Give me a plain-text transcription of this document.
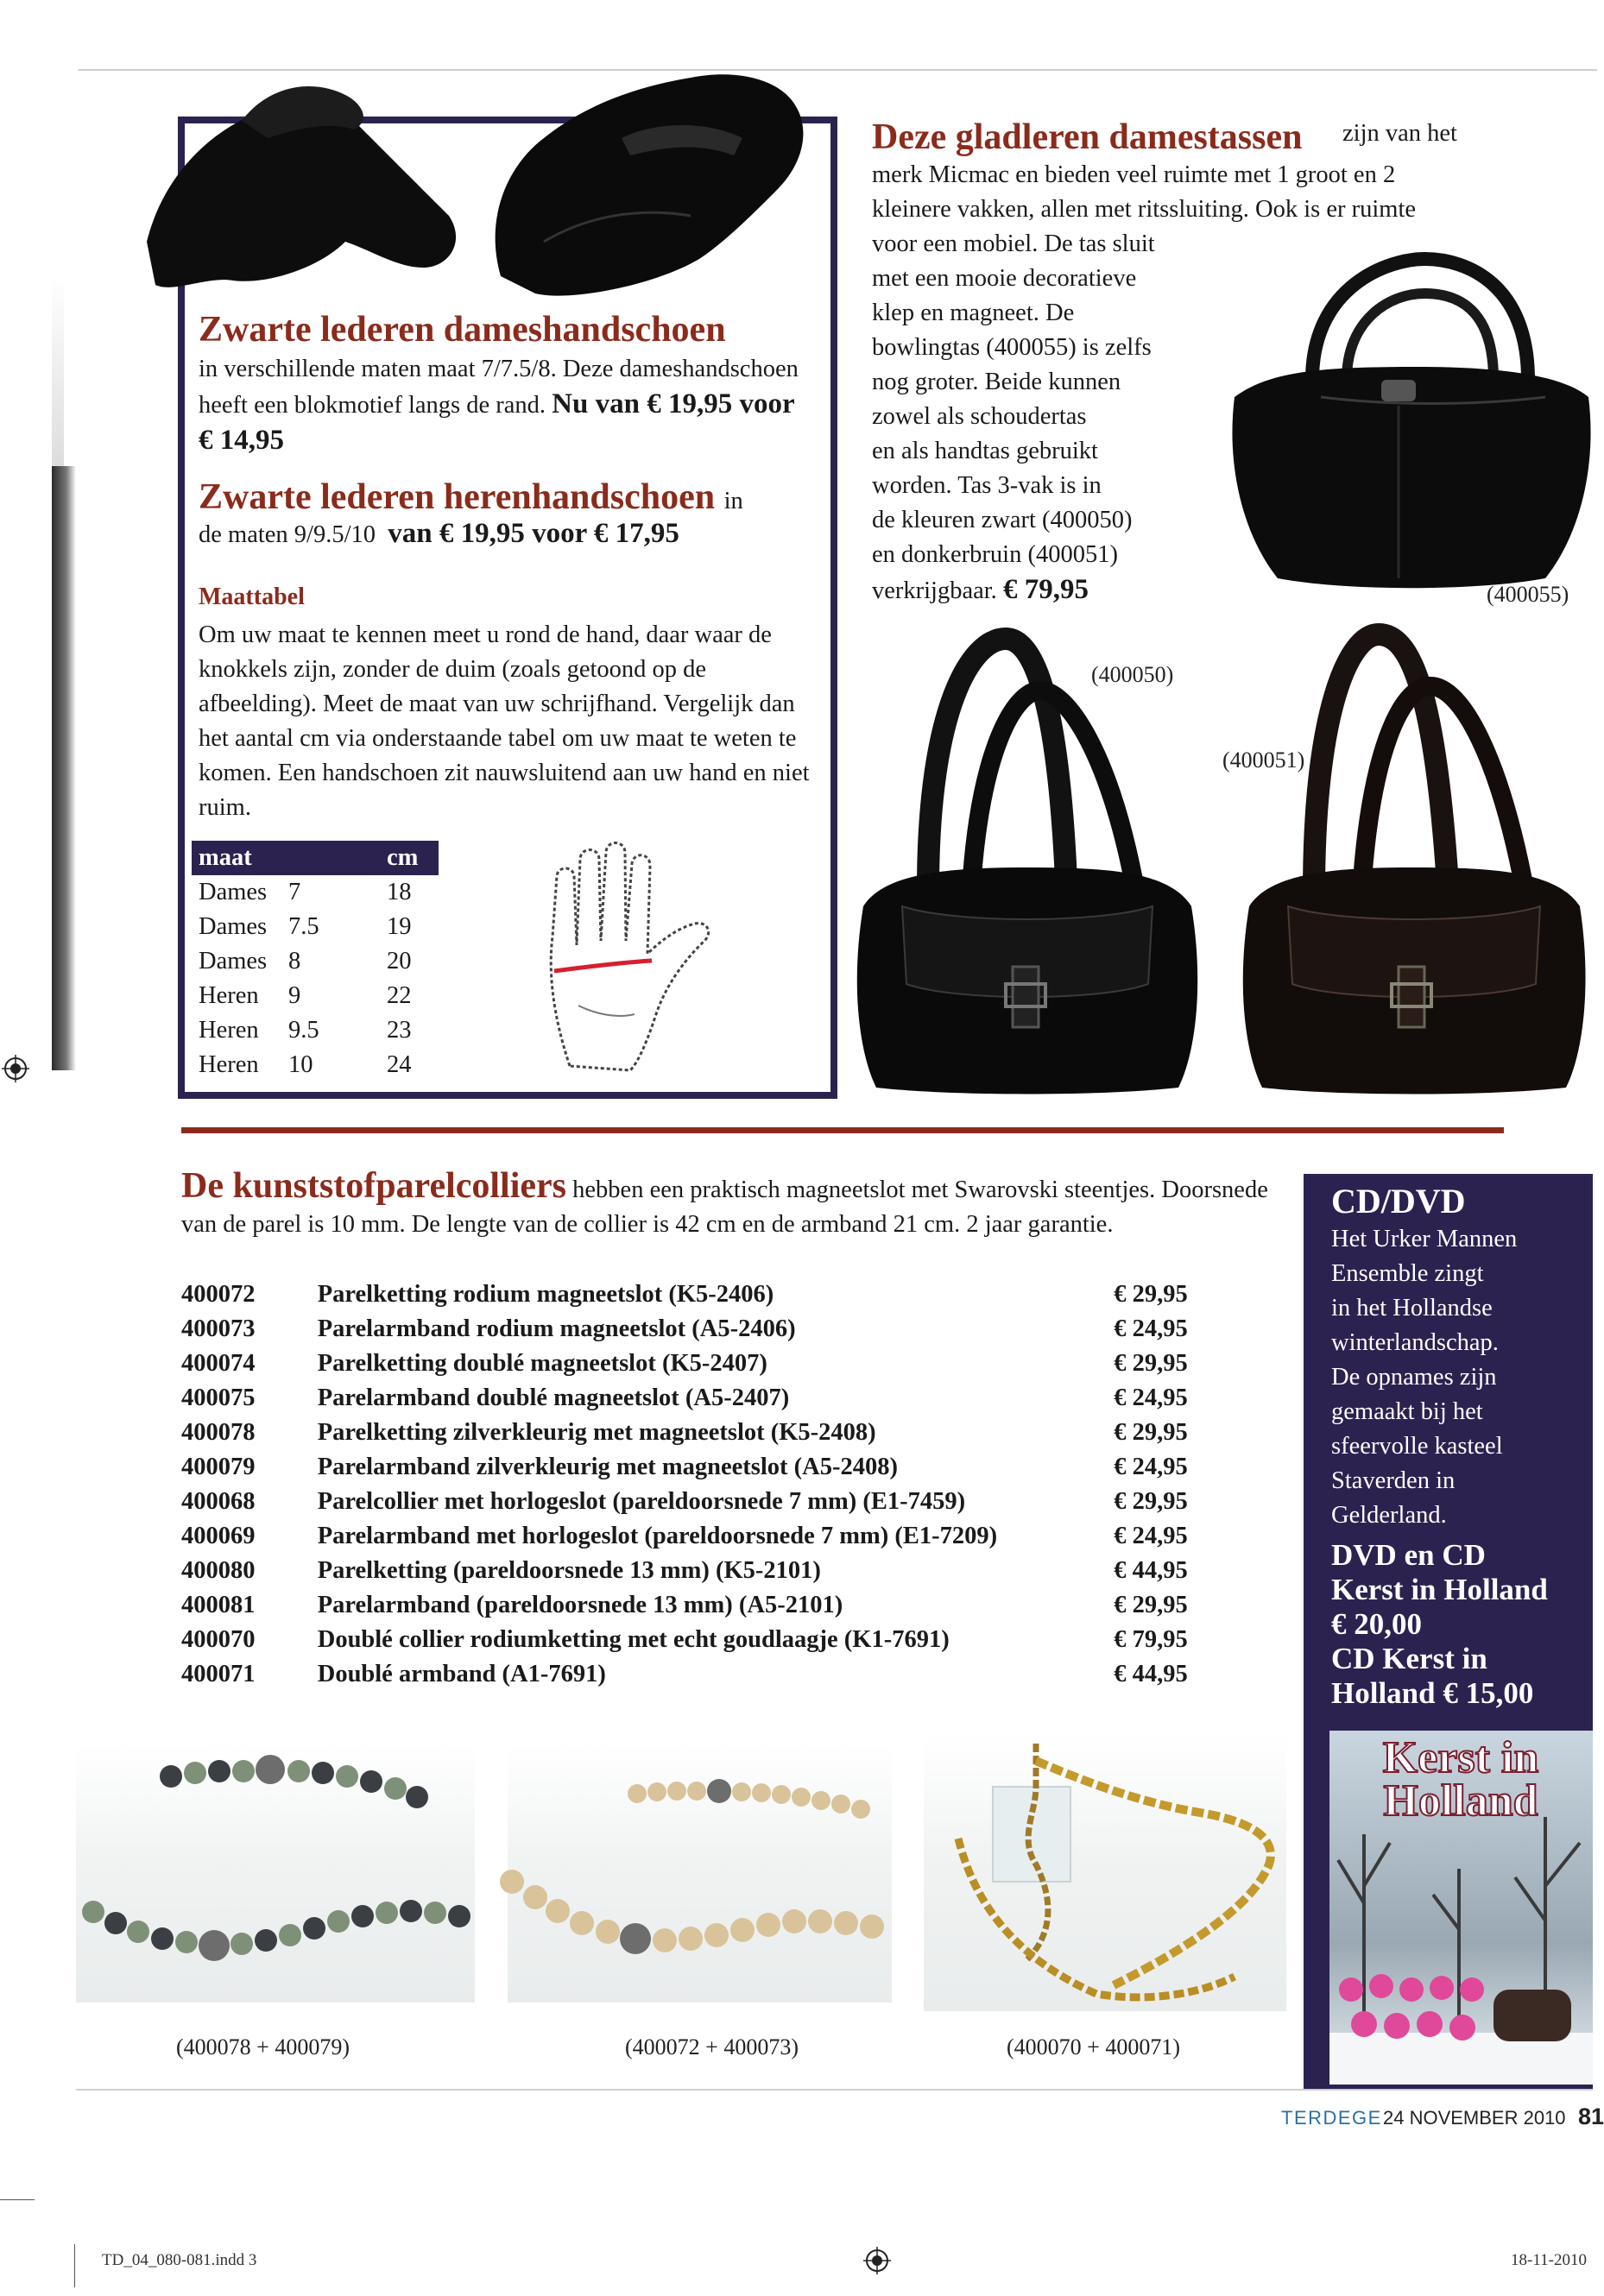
Zwarte lederen dameshandschoen
in verschillende maten maat 7/7.5/8. Deze dameshandschoen heeft een blokmotief langs de rand. Nu van € 19,95 voor € 14,95
Zwarte lederen herenhandschoen in
de maten 9/9.5/10 van € 19,95 voor € 17,95
Maattabel
Om uw maat te kennen meet u rond de hand, daar waar de knokkels zijn, zonder de duim (zoals getoond op de afbeelding). Meet de maat van uw schrijfhand. Vergelijk dan het aantal cm via onderstaande tabel om uw maat te weten te komen. Een handschoen zit nauwsluitend aan uw hand en niet ruim.
maat	cm
Dames 7	18
Dames 7.5	19
Dames 8	20
Heren	9	22
Heren	9.5	23
Heren	10	24
Deze gladleren damestassen zijn van het
merk Micmac en bieden veel ruimte met 1 groot en 2
kleinere vakken, allen met ritssluiting. Ook is er ruimte
voor een mobiel. De tas sluit
met een mooie decoratieve
klep en magneet. De
bowlingtas (400055) is zelfs
nog groter. Beide kunnen
zowel als schoudertas
en als handtas gebruikt
worden. Tas 3-vak is in
de kleuren zwart (400050)
en donkerbruin (400051)
verkrijgbaar. € 79,95	(400055)
(400050)
(400051)
De kunststofparelcolliers hebben een praktisch magneetslot met Swarovski steentjes. Doorsnede van de parel is 10 mm. De lengte van de collier is 42 cm en de armband 21 cm. 2 jaar garantie.
400072	Parelketting rodium magneetslot (K5-2406)	€ 29,95
400073	Parelarmband rodium magneetslot (A5-2406)	€ 24,95
400074	Parelketting doublé magneetslot (K5-2407)	€ 29,95
400075	Parelarmband doublé magneetslot (A5-2407)	€ 24,95
400078	Parelketting zilverkleurig met magneetslot (K5-2408)	€ 29,95
400079	Parelarmband zilverkleurig met magneetslot (A5-2408)	€ 24,95
400068	Parelcollier met horlogeslot (pareldoorsnede 7 mm) (E1-7459)	€ 29,95
400069	Parelarmband met horlogeslot (pareldoorsnede 7 mm) (E1-7209)	€ 24,95
400080	Parelketting (pareldoorsnede 13 mm) (K5-2101)	€ 44,95
400081	Parelarmband (pareldoorsnede 13 mm) (A5-2101)	€ 29,95
400070	Doublé collier rodiumketting met echt goudlaagje (K1-7691)	€ 79,95
400071	Doublé armband (A1-7691)	€ 44,95
(400078 + 400079)	(400072 + 400073)	(400070 + 400071)
CD/DVD
Het Urker Mannen
Ensemble zingt
in het Hollandse
winterlandschap.
De opnames zijn
gemaakt bij het
sfeervolle kasteel
Staverden in
Gelderland.
DVD en CD
Kerst in Holland
€ 20,00
CD Kerst in
Holland € 15,00
Kerst in
Holland
TERDEGE 24 NOVEMBER 2010 81
TD_04_080-081.indd 3	18-11-2010
